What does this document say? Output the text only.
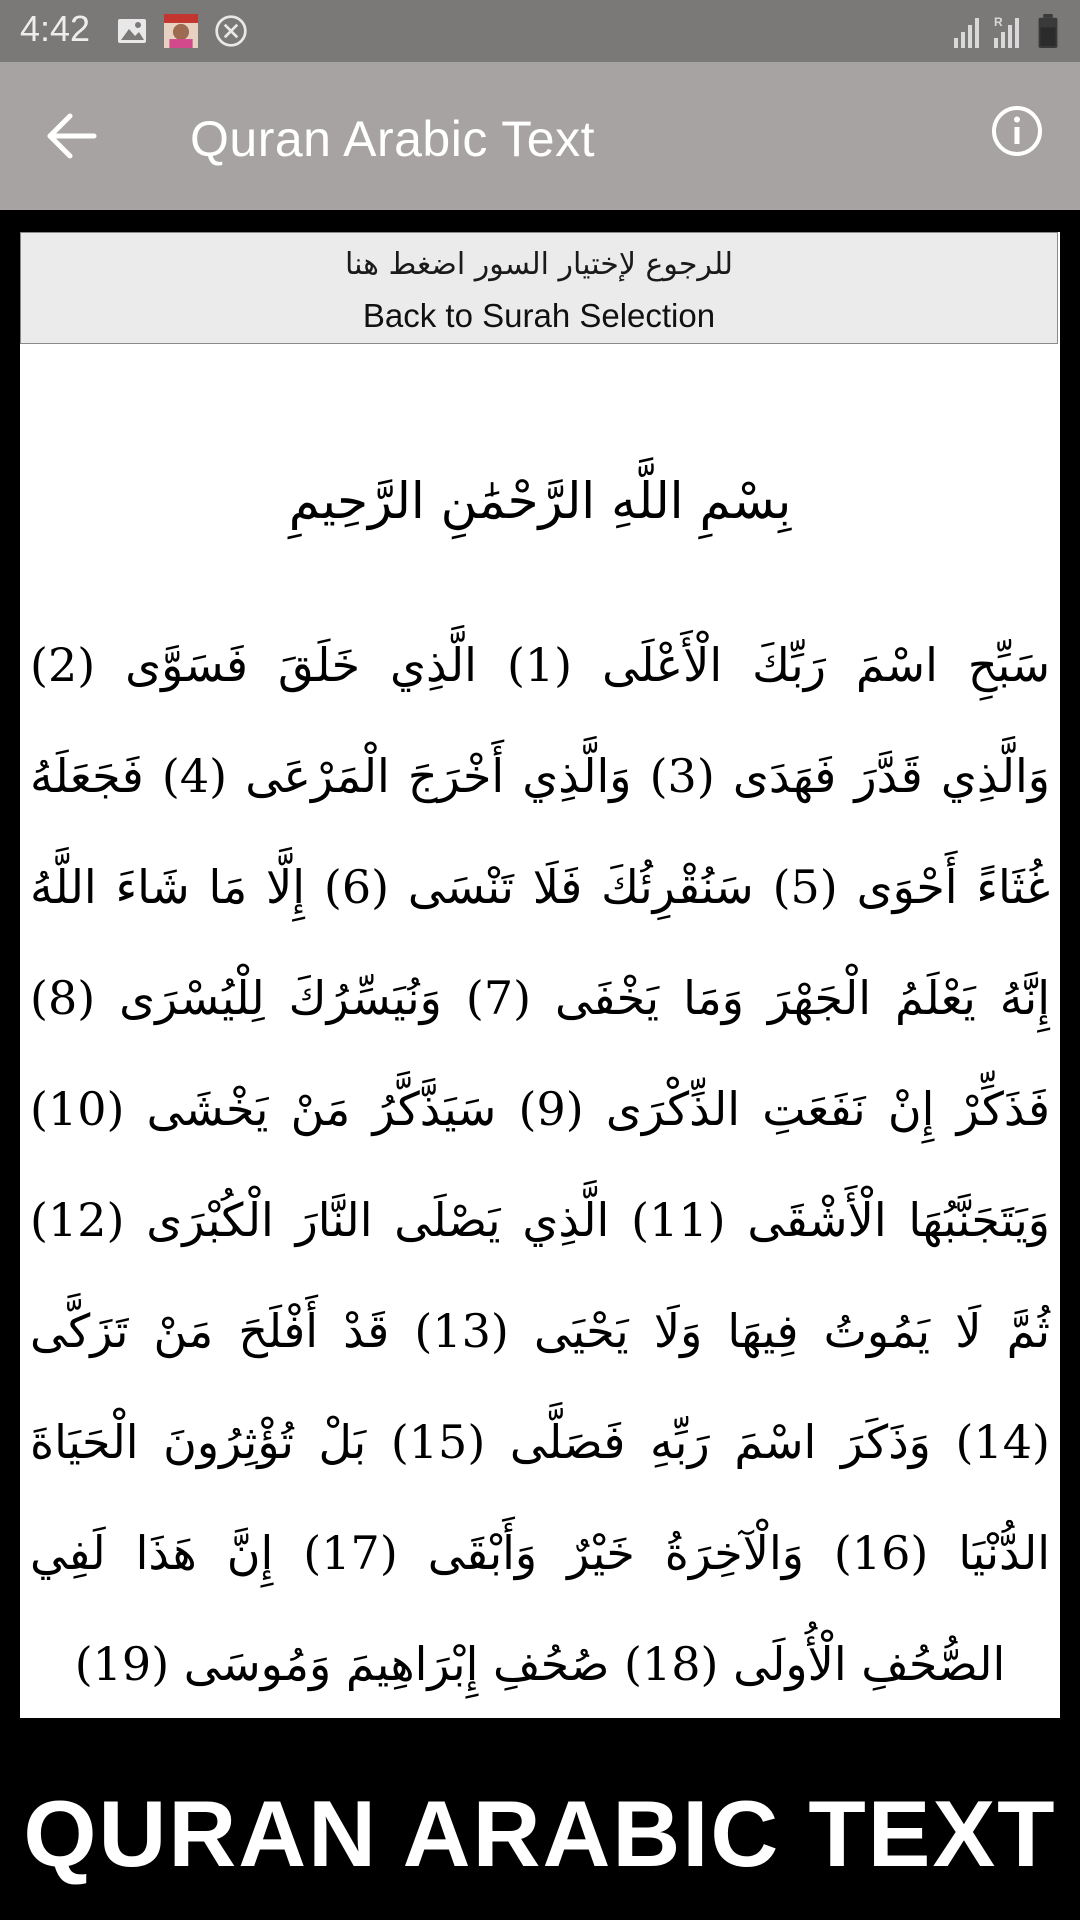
4:42	R
Quran Arabic Text
للرجوع لإختيار السور اضغط هنا
Back to Surah Selection
بِسْمِ اللَّهِ الرَّحْمَٰنِ الرَّحِيمِ
سَبِّحِ اسْمَ رَبِّكَ الْأَعْلَى (1) الَّذِي خَلَقَ فَسَوَّى (2) وَالَّذِي قَدَّرَ فَهَدَى (3) وَالَّذِي أَخْرَجَ الْمَرْعَى (4) فَجَعَلَهُ غُثَاءً أَحْوَى (5) سَنُقْرِئُكَ فَلَا تَنْسَى (6) إِلَّا مَا شَاءَ اللَّهُ إِنَّهُ يَعْلَمُ الْجَهْرَ وَمَا يَخْفَى (7) وَنُيَسِّرُكَ لِلْيُسْرَى (8) فَذَكِّرْ إِنْ نَفَعَتِ الذِّكْرَى (9) سَيَذَّكَّرُ مَنْ يَخْشَى (10) وَيَتَجَنَّبُهَا الْأَشْقَى (11) الَّذِي يَصْلَى النَّارَ الْكُبْرَى (12) ثُمَّ لَا يَمُوتُ فِيهَا وَلَا يَحْيَى (13) قَدْ أَفْلَحَ مَنْ تَزَكَّى (14) وَذَكَرَ اسْمَ رَبِّهِ فَصَلَّى (15) بَلْ تُؤْثِرُونَ الْحَيَاةَ الدُّنْيَا (16) وَالْآخِرَةُ خَيْرٌ وَأَبْقَى (17) إِنَّ هَذَا لَفِي الصُّحُفِ الْأُولَى (18) صُحُفِ إِبْرَاهِيمَ وَمُوسَى (19)
QURAN ARABIC TEXT
